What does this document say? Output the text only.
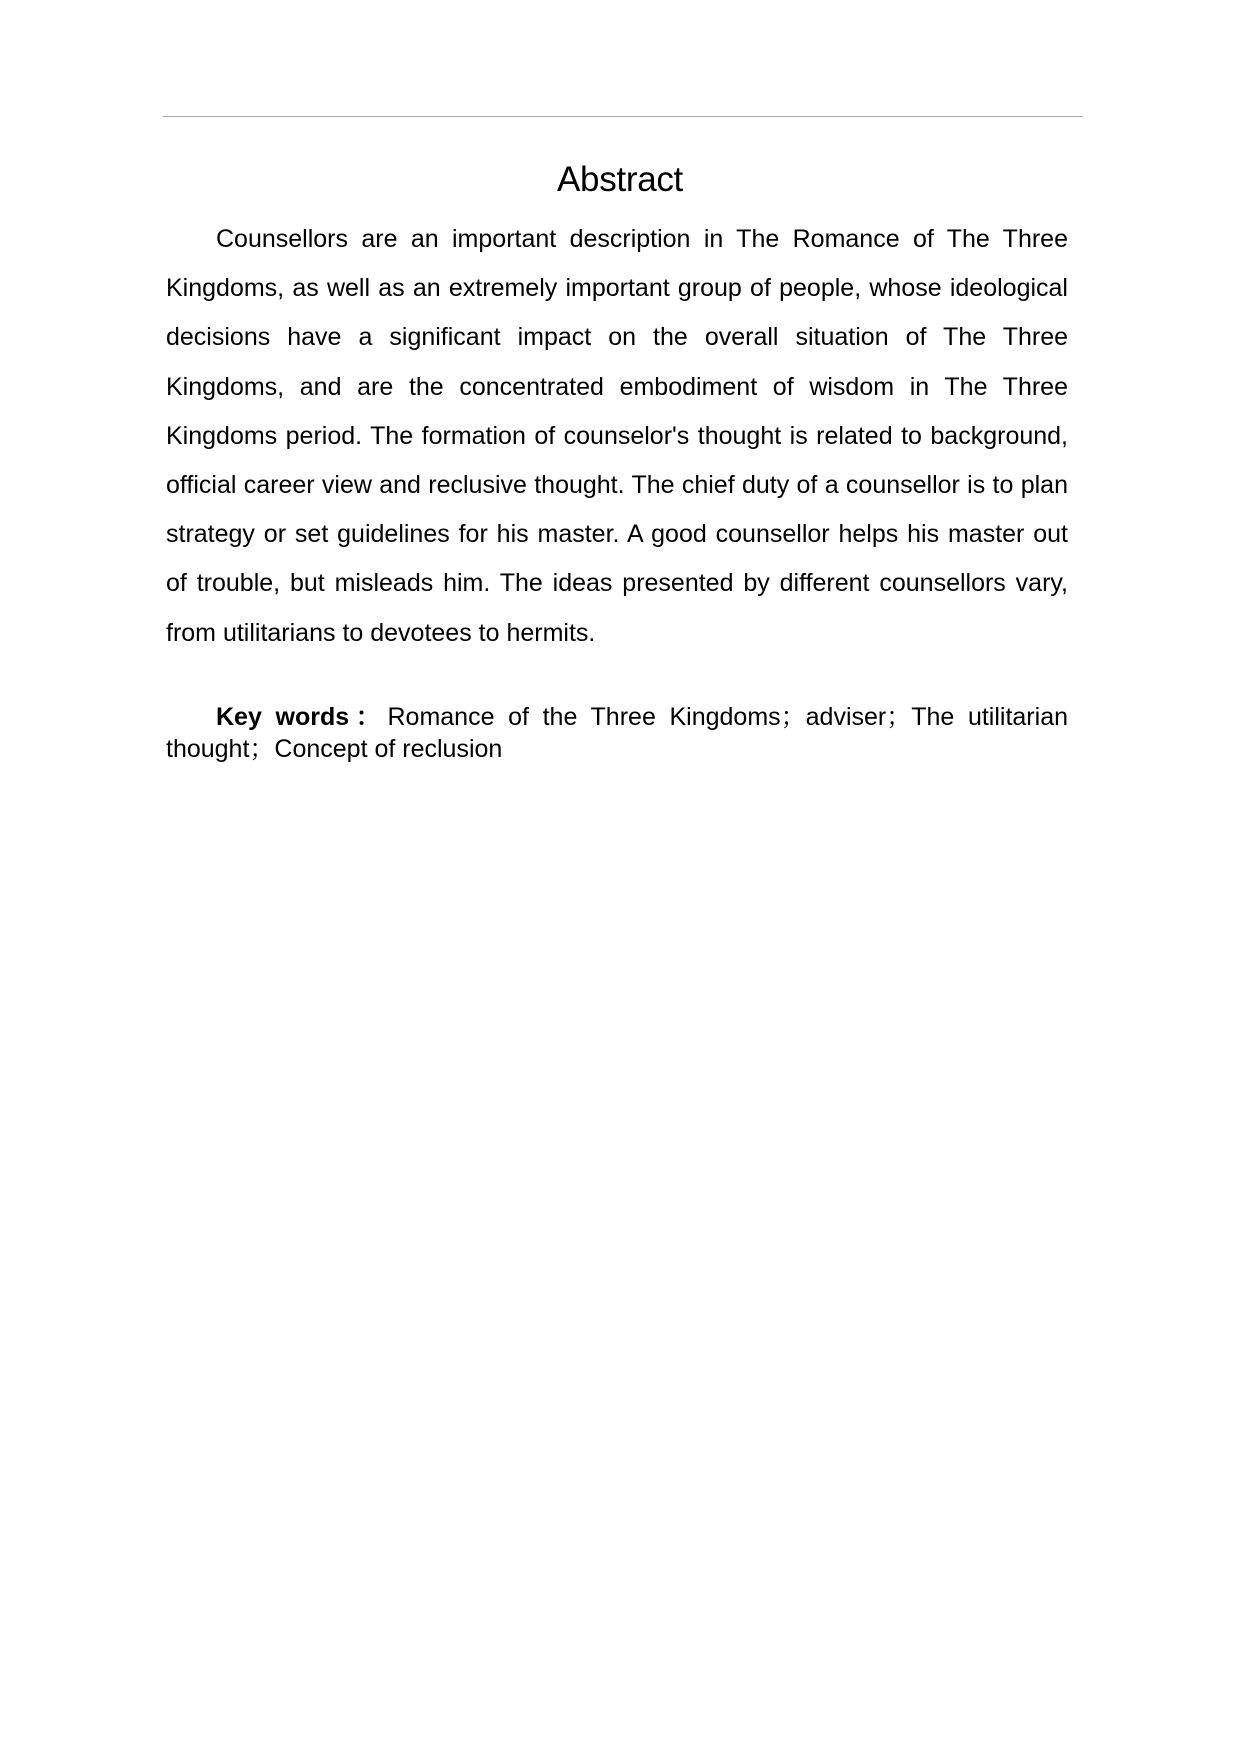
Abstract

Counsellors are an important description in The Romance of The Three Kingdoms, as well as an extremely important group of people, whose ideological decisions have a significant impact on the overall situation of The Three Kingdoms, and are the concentrated embodiment of wisdom in The Three Kingdoms period. The formation of counselor's thought is related to background, official career view and reclusive thought. The chief duty of a counsellor is to plan strategy or set guidelines for his master. A good counsellor helps his master out of trouble, but misleads him. The ideas presented by different counsellors vary, from utilitarians to devotees to hermits.

Key words：Romance of the Three Kingdoms；adviser；The utilitarian thought；Concept of reclusion
